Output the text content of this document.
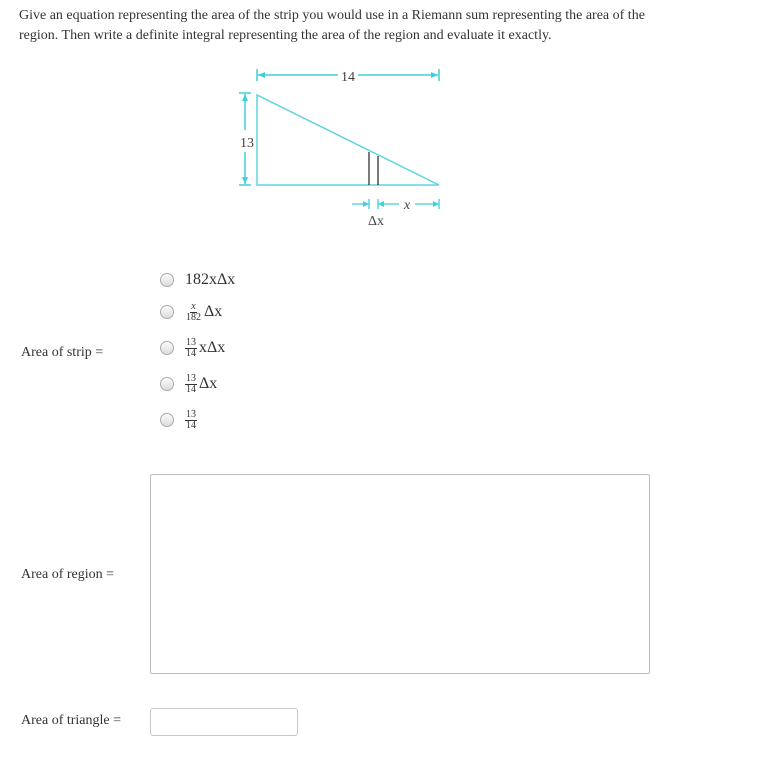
Give an equation representing the area of the strip you would use in a Riemann sum representing the area of the region. Then write a definite integral representing the area of the region and evaluate it exactly.
14
13
x
Δx
Area of strip =
182xΔx
$\frac{x}{182}$ Δx
$\frac{13}{14}$ xΔx
$\frac{13}{14}$ Δx
$\frac{13}{14}$
Area of region =
Area of triangle =
